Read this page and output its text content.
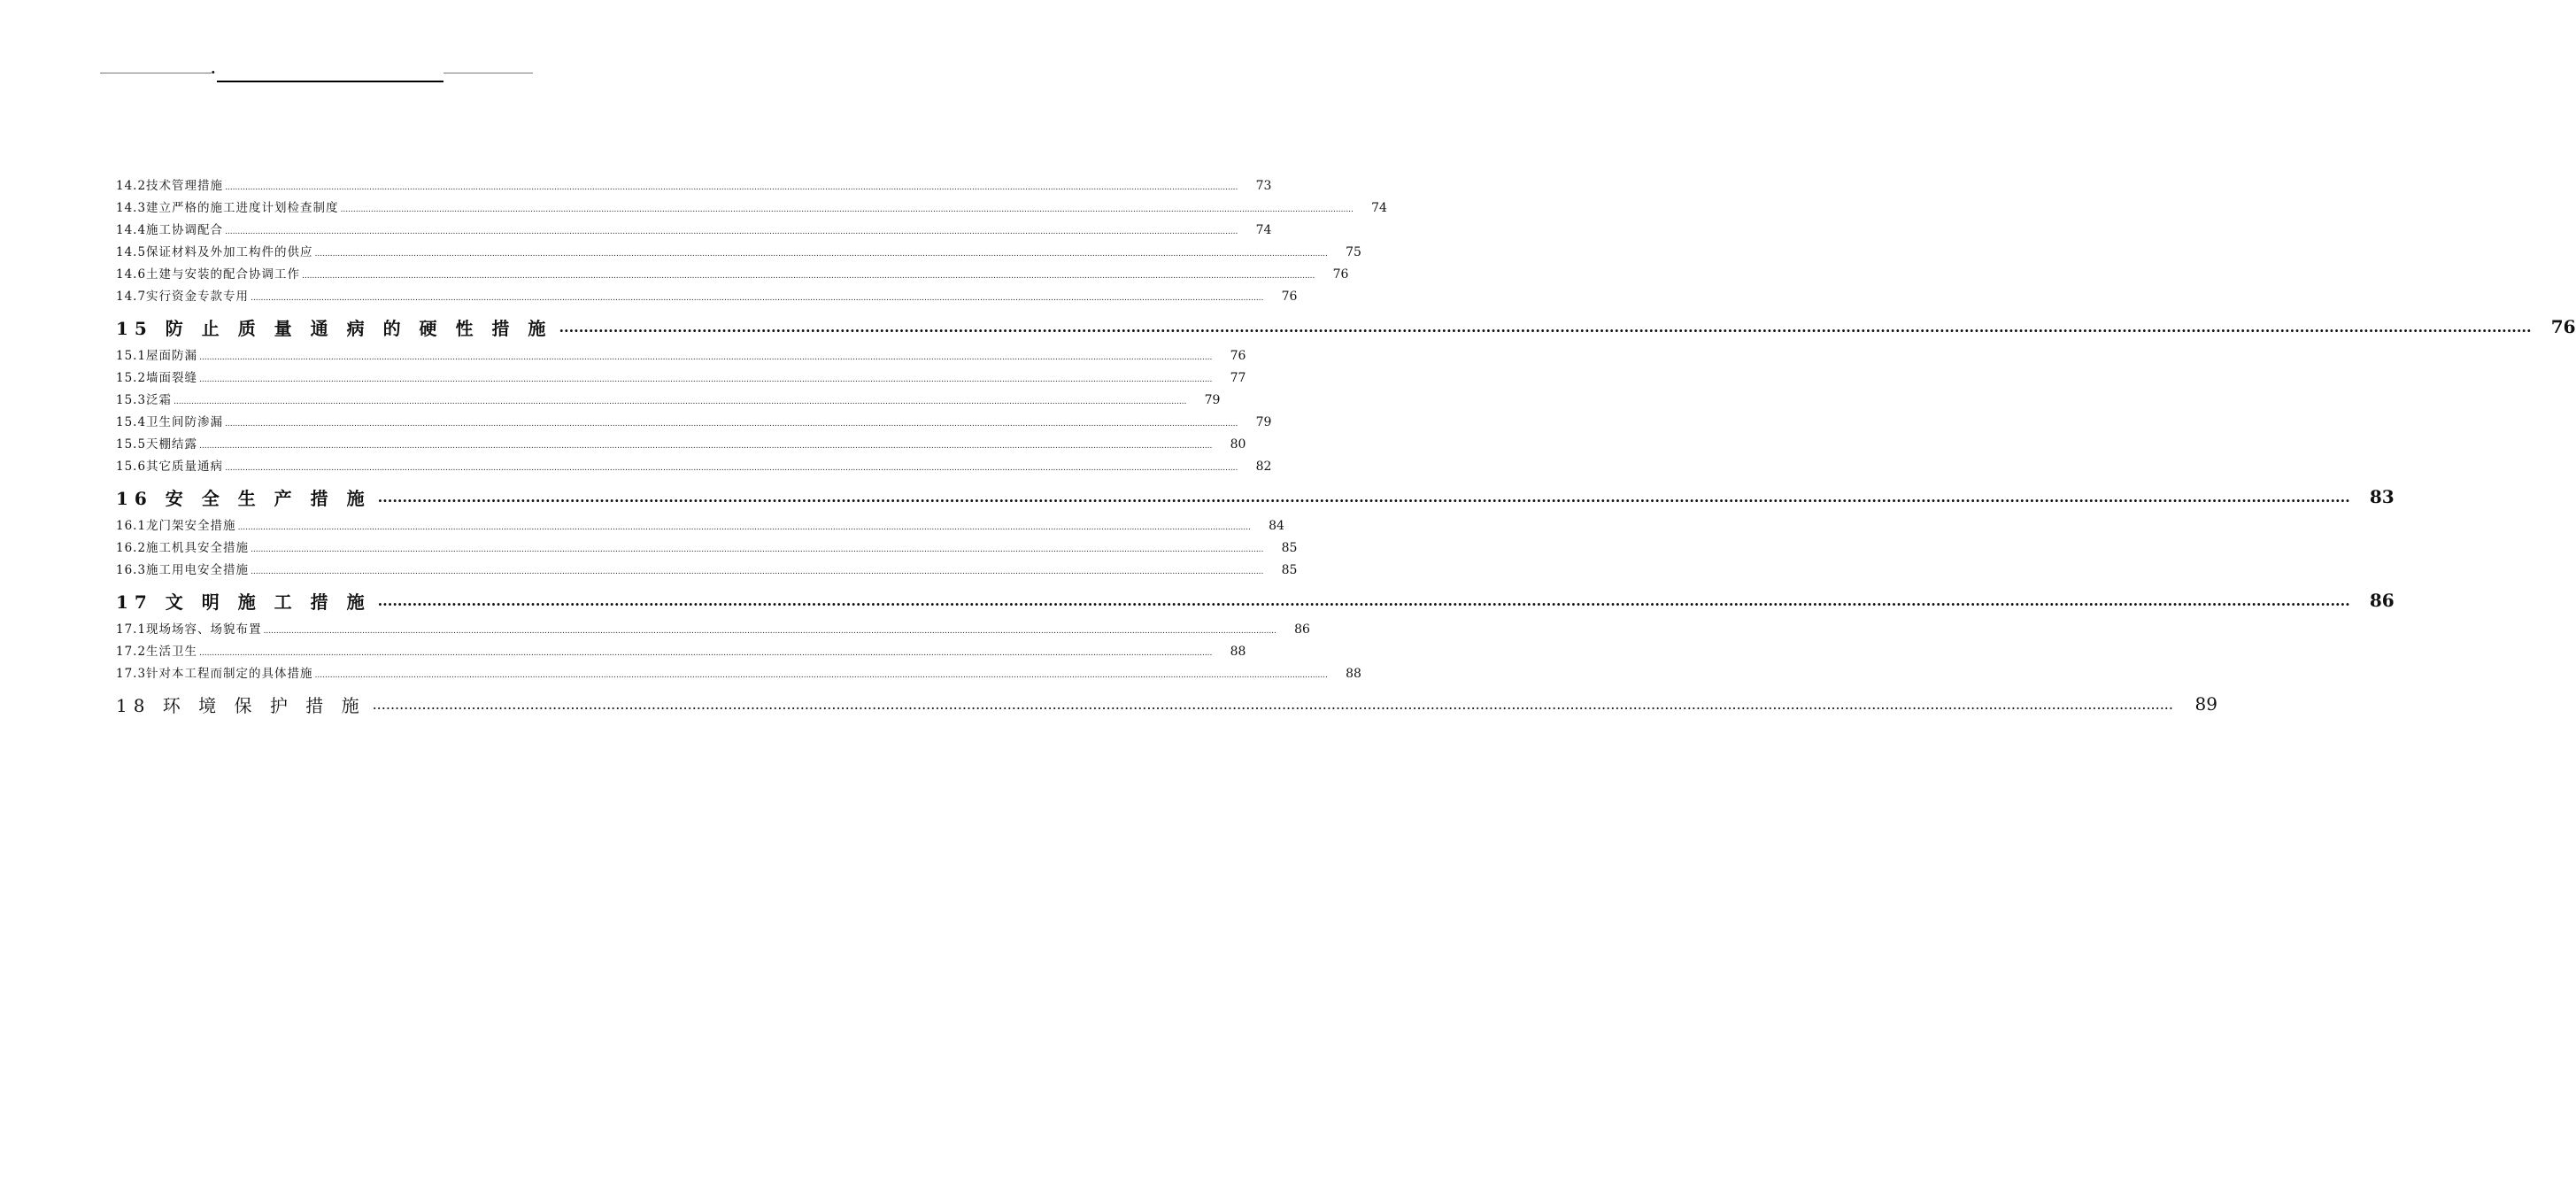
.
14.2技术管理措施 ................................................................................................................................................................................................................................................................................................................................................................................................................	73
14.3建立严格的施工进度计划检查制度 ................................................................................................................................................................................................................................................................................................................................................................................................................	74
14.4施工协调配合 ................................................................................................................................................................................................................................................................................................................................................................................................................	74
14.5保证材料及外加工构件的供应 ................................................................................................................................................................................................................................................................................................................................................................................................................	75
14.6土建与安装的配合协调工作 ................................................................................................................................................................................................................................................................................................................................................................................................................	76
14.7实行资金专款专用 ................................................................................................................................................................................................................................................................................................................................................................................................................	76
15 防 止 质 量 通 病 的 硬 性 措 施 ................................................................................................................................................................................................................................................................................................................................................................................................................	76
15.1屋面防漏 ................................................................................................................................................................................................................................................................................................................................................................................................................	76
15.2墙面裂缝 ................................................................................................................................................................................................................................................................................................................................................................................................................	77
15.3泛霜 ................................................................................................................................................................................................................................................................................................................................................................................................................	79
15.4卫生间防渗漏 ................................................................................................................................................................................................................................................................................................................................................................................................................	79
15.5天棚结露 ................................................................................................................................................................................................................................................................................................................................................................................................................	80
15.6其它质量通病 ................................................................................................................................................................................................................................................................................................................................................................................................................	82
16 安 全 生 产 措 施 ................................................................................................................................................................................................................................................................................................................................................................................................................	83
16.1龙门架安全措施 ................................................................................................................................................................................................................................................................................................................................................................................................................	84
16.2施工机具安全措施 ................................................................................................................................................................................................................................................................................................................................................................................................................	85
16.3施工用电安全措施 ................................................................................................................................................................................................................................................................................................................................................................................................................	85
17 文 明 施 工 措 施 ................................................................................................................................................................................................................................................................................................................................................................................................................	86
17.1现场场容、场貌布置 ................................................................................................................................................................................................................................................................................................................................................................................................................	86
17.2生活卫生 ................................................................................................................................................................................................................................................................................................................................................................................................................	88
17.3针对本工程而制定的具体措施 ................................................................................................................................................................................................................................................................................................................................................................................................................	88
18 环 境 保 护 措 施 ................................................................................................................................................................................................................................................................................................................................................................................................................	89
